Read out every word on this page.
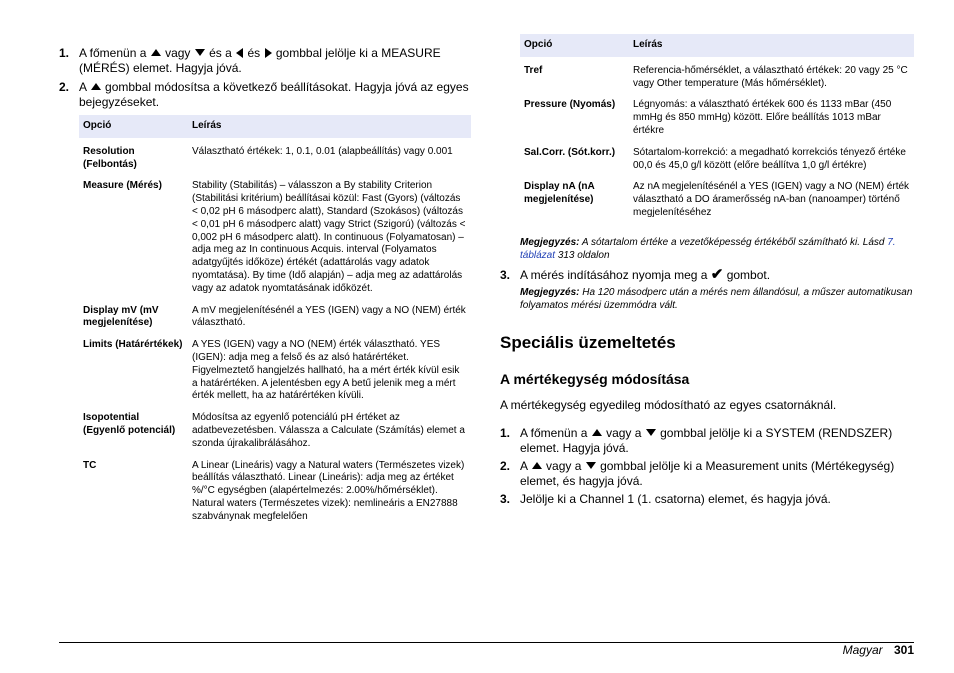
1. A főmenün a vagy és a és gombbal jelölje ki a MEASURE (MÉRÉS) elemet. Hagyja jóvá.
2. A gombbal módosítsa a következő beállításokat. Hagyja jóvá az egyes bejegyzéseket.
Opció	Leírás
Resolution (Felbontás)	Választható értékek: 1, 0.1, 0.01 (alapbeállítás) vagy 0.001
Measure (Mérés)	Stability (Stabilitás) – válasszon a By stability Criterion (Stabilitási kritérium) beállításai közül: Fast (Gyors) (változás < 0,02 pH 6 másodperc alatt), Standard (Szokásos) (változás < 0,01 pH 6 másodperc alatt) vagy Strict (Szigorú) (változás < 0,002 pH 6 másodperc alatt). In continuous (Folyamatosan) – adja meg az In continuous Acquis. interval (Folyamatos adatgyűjtés időköze) értékét (adattárolás vagy adatok nyomtatása). By time (Idő alapján) – adja meg az adattárolás vagy az adatok nyomtatásának időközét.
Display mV (mV megjelenítése)	A mV megjelenítésénél a YES (IGEN) vagy a NO (NEM) érték választható.
Limits (Határértékek)	A YES (IGEN) vagy a NO (NEM) érték választható. YES (IGEN): adja meg a felső és az alsó határértéket. Figyelmeztető hangjelzés hallható, ha a mért érték kívül esik a határértéken. A jelentésben egy A betű jelenik meg a mért érték mellett, ha az határértéken kívüli.
Isopotential (Egyenlő potenciál)	Módosítsa az egyenlő potenciálú pH értéket az adatbevezetésben. Válassza a Calculate (Számítás) elemet a szonda újrakalibrálásához.
TC	A Linear (Lineáris) vagy a Natural waters (Természetes vizek) beállítás választható. Linear (Lineáris): adja meg az értéket %/°C egységben (alapértelmezés: 2.00%/hőmérséklet). Natural waters (Természetes vizek): nemlineáris a EN27888 szabványnak megfelelően
Opció	Leírás
Tref	Referencia-hőmérséklet, a választható értékek: 20 vagy 25 °C vagy Other temperature (Más hőmérséklet).
Pressure (Nyomás)	Légnyomás: a választható értékek 600 és 1133 mBar (450 mmHg és 850 mmHg) között. Előre beállítás 1013 mBar értékre
Sal.Corr. (Sót.korr.)	Sótartalom-korrekció: a megadható korrekciós tényező értéke 00,0 és 45,0 g/l között (előre beállítva 1,0 g/l értékre)
Display nA (nA megjelenítése)	Az nA megjelenítésénél a YES (IGEN) vagy a NO (NEM) érték választható a DO áramerősség nA-ban (nanoamper) történő megjelenítéséhez
Megjegyzés: A sótartalom értéke a vezetőképesség értékéből számítható ki. Lásd 7. táblázat 313 oldalon
3. A mérés indításához nyomja meg a ✔ gombot.
Megjegyzés: Ha 120 másodperc után a mérés nem állandósul, a műszer automatikusan folyamatos mérési üzemmódra vált.
Speciális üzemeltetés
A mértékegység módosítása

A mértékegység egyedileg módosítható az egyes csatornáknál.

1. A főmenün a vagy a gombbal jelölje ki a SYSTEM (RENDSZER) elemet. Hagyja jóvá.
2. A vagy a gombbal jelölje ki a Measurement units (Mértékegység) elemet, és hagyja jóvá.
3. Jelölje ki a Channel 1 (1. csatorna) elemet, és hagyja jóvá.
Magyar 301
